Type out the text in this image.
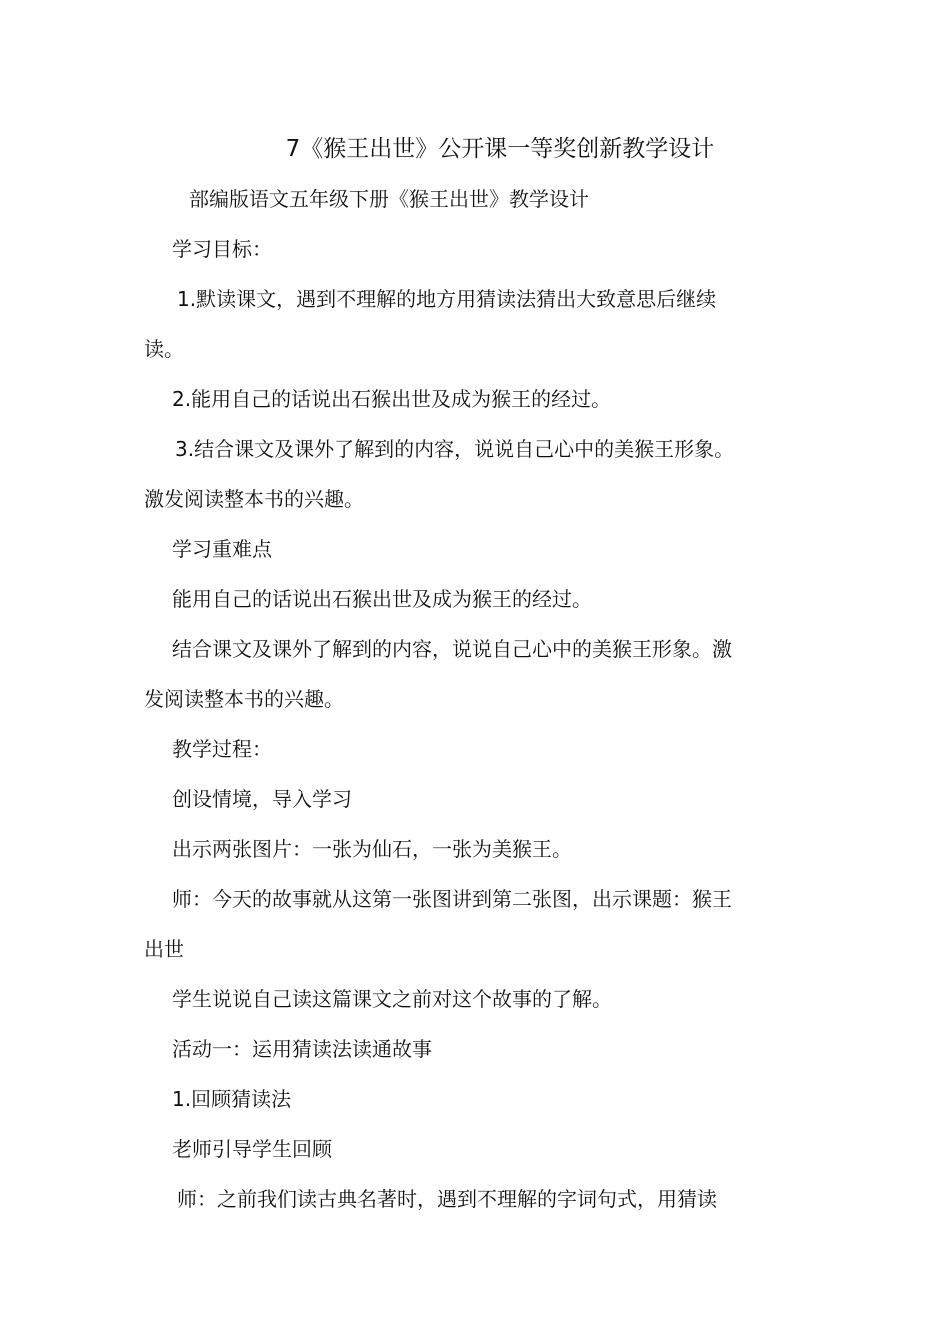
7《猴王出世》公开课一等奖创新教学设计
部编版语文五年级下册《猴王出世》教学设计
学习目标：
1.默读课文，遇到不理解的地方用猜读法猜出大致意思后继续
读。
2.能用自己的话说出石猴出世及成为猴王的经过。
3.结合课文及课外了解到的内容，说说自己心中的美猴王形象。
激发阅读整本书的兴趣。
学习重难点
能用自己的话说出石猴出世及成为猴王的经过。
结合课文及课外了解到的内容，说说自己心中的美猴王形象。激
发阅读整本书的兴趣。
教学过程：
创设情境，导入学习
出示两张图片：一张为仙石，一张为美猴王。
师：今天的故事就从这第一张图讲到第二张图，出示课题：猴王
出世
学生说说自己读这篇课文之前对这个故事的了解。
活动一：运用猜读法读通故事
1.回顾猜读法
老师引导学生回顾
师：之前我们读古典名著时，遇到不理解的字词句式，用猜读
